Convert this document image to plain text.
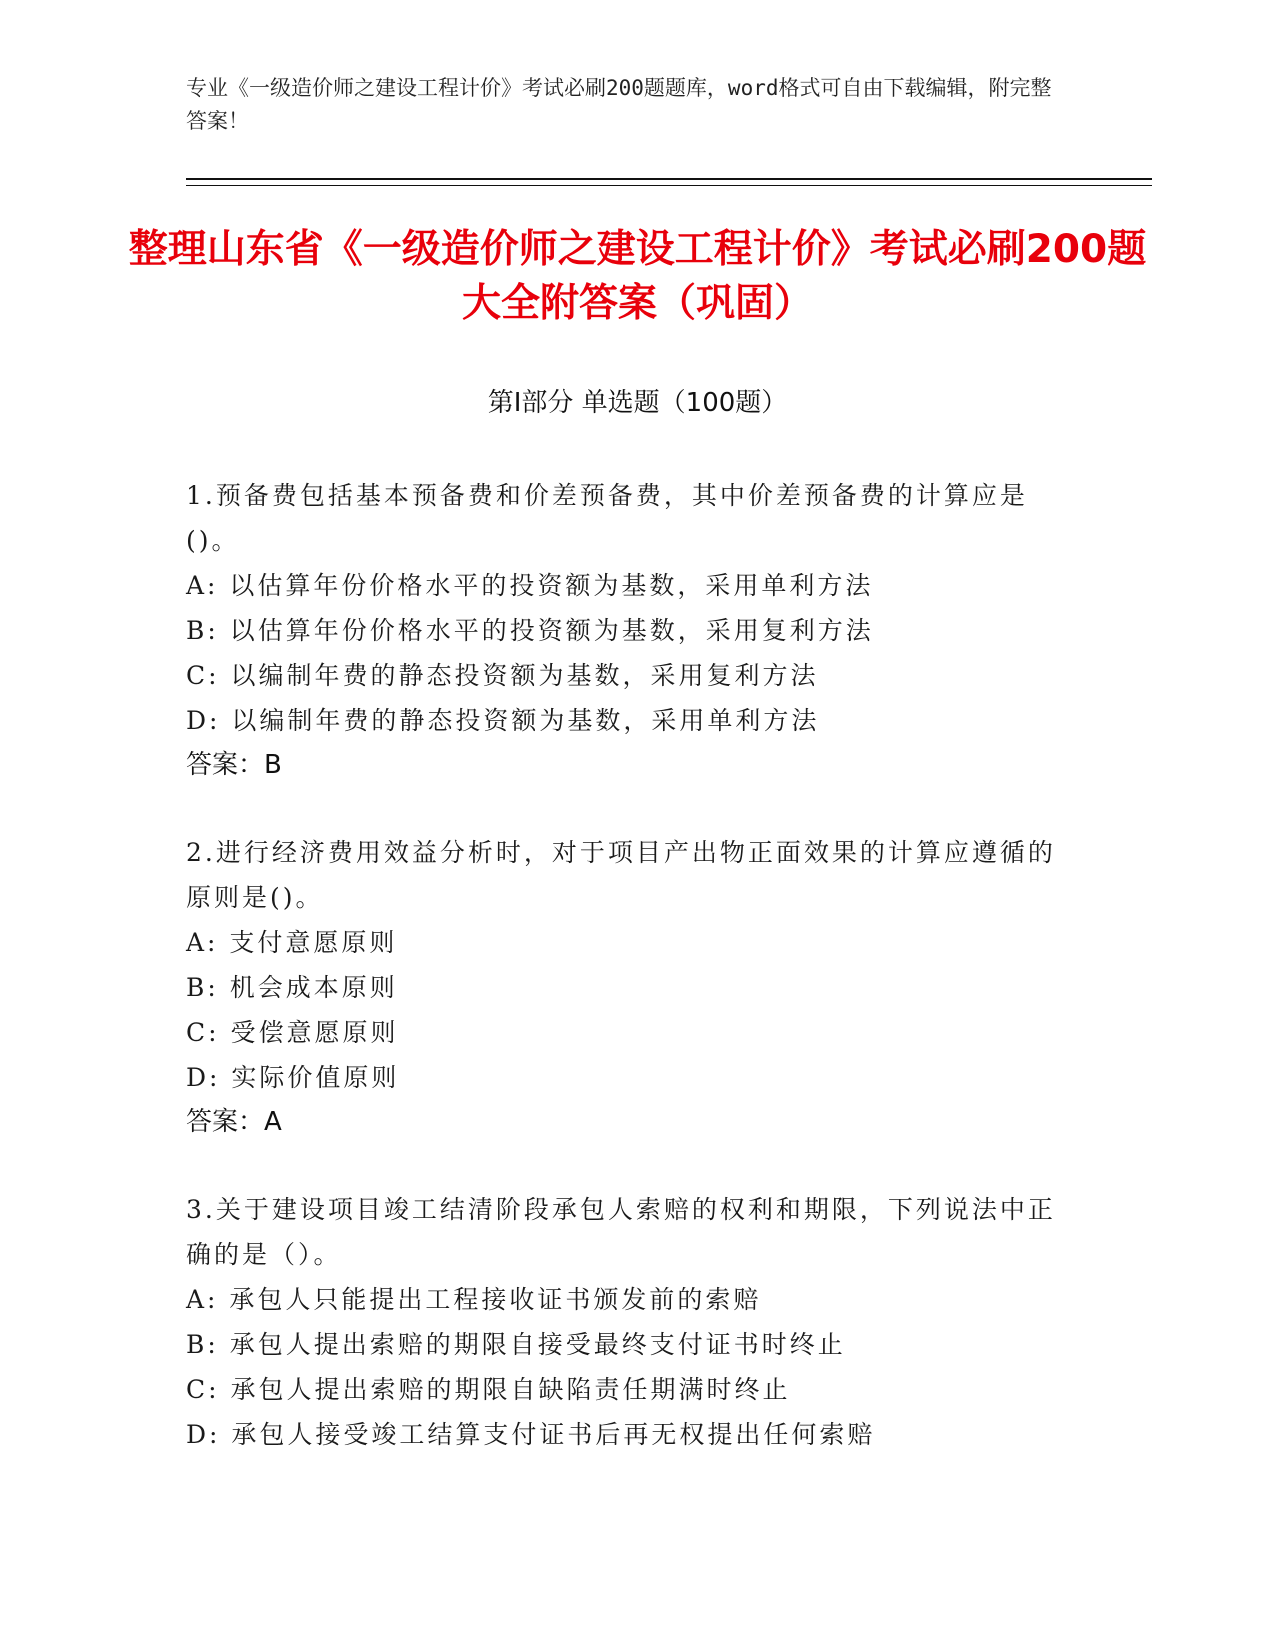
专业《一级造价师之建设工程计价》考试必刷200题题库，word格式可自由下载编辑，附完整答案！
整理山东省《一级造价师之建设工程计价》考试必刷200题大全附答案（巩固）
第Ⅰ部分 单选题（100题）
1.预备费包括基本预备费和价差预备费，其中价差预备费的计算应是()。
A: 以估算年份价格水平的投资额为基数，采用单利方法
B: 以估算年份价格水平的投资额为基数，采用复利方法
C: 以编制年费的静态投资额为基数，采用复利方法
D: 以编制年费的静态投资额为基数，采用单利方法
答案：B
2.进行经济费用效益分析时，对于项目产出物正面效果的计算应遵循的原则是()。
A: 支付意愿原则
B: 机会成本原则
C: 受偿意愿原则
D: 实际价值原则
答案：A
3.关于建设项目竣工结清阶段承包人索赔的权利和期限，下列说法中正确的是（）。
A: 承包人只能提出工程接收证书颁发前的索赔
B: 承包人提出索赔的期限自接受最终支付证书时终止
C: 承包人提出索赔的期限自缺陷责任期满时终止
D: 承包人接受竣工结算支付证书后再无权提出任何索赔
